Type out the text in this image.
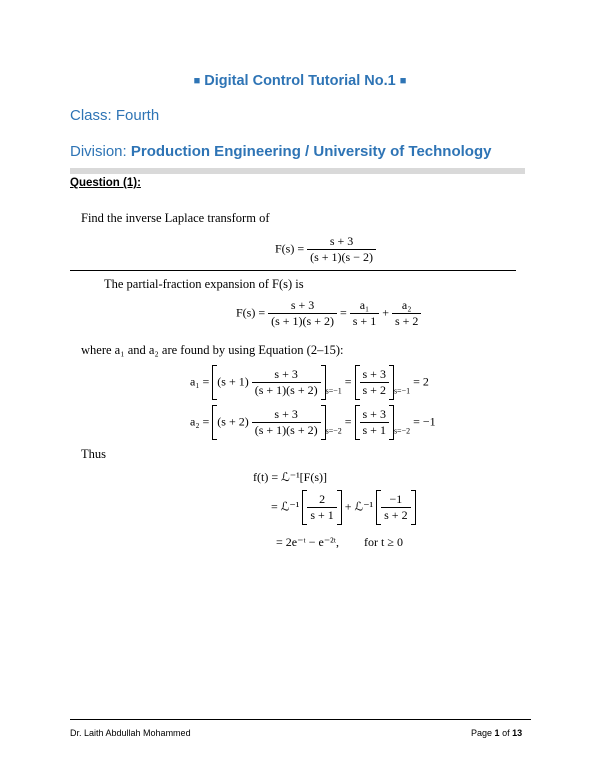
■ Digital Control Tutorial No.1 ■
Class: Fourth
Division: Production Engineering / University of Technology
Question (1):
Find the inverse Laplace transform of
$F(s) = \frac{s + 3}{(s + 1)(s - 2)}$
The partial-fraction expansion of F(s) is
$F(s) = \frac{s + 3}{(s + 1)(s + 2)} = \frac{\text{a₁}}{s + 1} + \frac{\text{a₂}}{s + 2}$
where a₁ and a₂ are found by using Equation (2–15):
$a_1 = (s + 1) \frac{s + 3}{(s + 1)(s + 2)} _{s=-1} = \frac{s + 3}{s + 2} _{s=-1} = 2$
$a_2 = (s + 2) \frac{s + 3}{(s + 1)(s + 2)} _{s=-2} = \frac{s + 3}{s + 1} _{s=-2} = -1$
Thus
f(t) = ℒ⁻¹[F(s)]
= ℒ⁻¹ $\frac{2}{s + 1}$ + ℒ⁻¹ $\frac{-1}{s + 2}$
= 2e⁻ᵗ − e⁻²ᵗ, for t ≥ 0
Dr. Laith Abdullah Mohammed	Page 1 of 13
